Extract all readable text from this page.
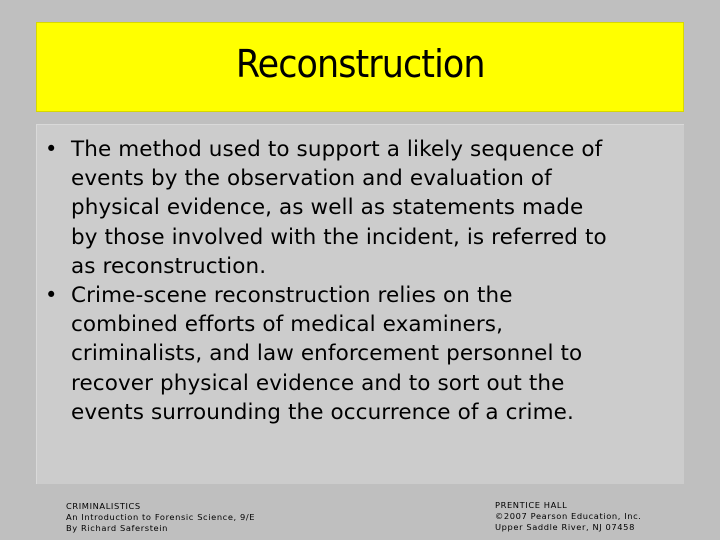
Reconstruction
• The method used to support a likely sequence of
events by the observation and evaluation of
physical evidence, as well as statements made
by those involved with the incident, is referred to
as reconstruction.
• Crime-scene reconstruction relies on the
combined efforts of medical examiners,
criminalists, and law enforcement personnel to
recover physical evidence and to sort out the
events surrounding the occurrence of a crime.
CRIMINALISTICS
An Introduction to Forensic Science, 9/E
By Richard Saferstein
PRENTICE HALL
©2007 Pearson Education, Inc.
Upper Saddle River, NJ 07458
